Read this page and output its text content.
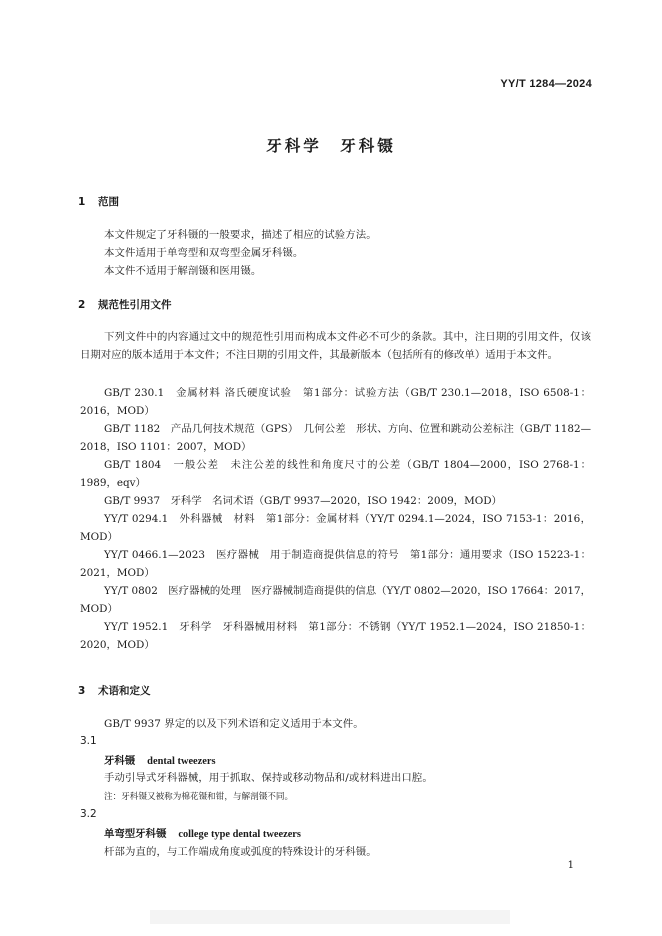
YY/T 1284—2024
牙科学　牙科镊
1 范围
本文件规定了牙科镊的一般要求，描述了相应的试验方法。
本文件适用于单弯型和双弯型金属牙科镊。
本文件不适用于解剖镊和医用镊。
2 规范性引用文件
下列文件中的内容通过文中的规范性引用而构成本文件必不可少的条款。其中，注日期的引用文件，仅该日期对应的版本适用于本文件；不注日期的引用文件，其最新版本（包括所有的修改单）适用于本文件。
GB/T 230.1　金属材料 洛氏硬度试验　第1部分：试验方法（GB/T 230.1—2018，ISO 6508-1：2016，MOD）
GB/T 1182　产品几何技术规范（GPS）　几何公差　形状、方向、位置和跳动公差标注（GB/T 1182—2018，ISO 1101：2007，MOD）
GB/T 1804　一般公差　未注公差的线性和角度尺寸的公差（GB/T 1804—2000，ISO 2768-1：1989，eqv）
GB/T 9937　牙科学　名词术语（GB/T 9937—2020，ISO 1942：2009，MOD）
YY/T 0294.1　外科器械　材料　第1部分：金属材料（YY/T 0294.1—2024，ISO 7153-1：2016，MOD）
YY/T 0466.1—2023　医疗器械　用于制造商提供信息的符号　第1部分：通用要求（ISO 15223-1：2021，MOD）
YY/T 0802　医疗器械的处理　医疗器械制造商提供的信息（YY/T 0802—2020，ISO 17664：2017，MOD）
YY/T 1952.1　牙科学　牙科器械用材料　第1部分：不锈钢（YY/T 1952.1—2024，ISO 21850-1：2020，MOD）
3 术语和定义
GB/T 9937 界定的以及下列术语和定义适用于本文件。
3.1
牙科镊 dental tweezers
手动引导式牙科器械，用于抓取、保持或移动物品和/或材料进出口腔。
注：牙科镊又被称为棉花镊和钳，与解剖镊不同。
3.2
单弯型牙科镊 college type dental tweezers
杆部为直的，与工作端成角度或弧度的特殊设计的牙科镊。
1
